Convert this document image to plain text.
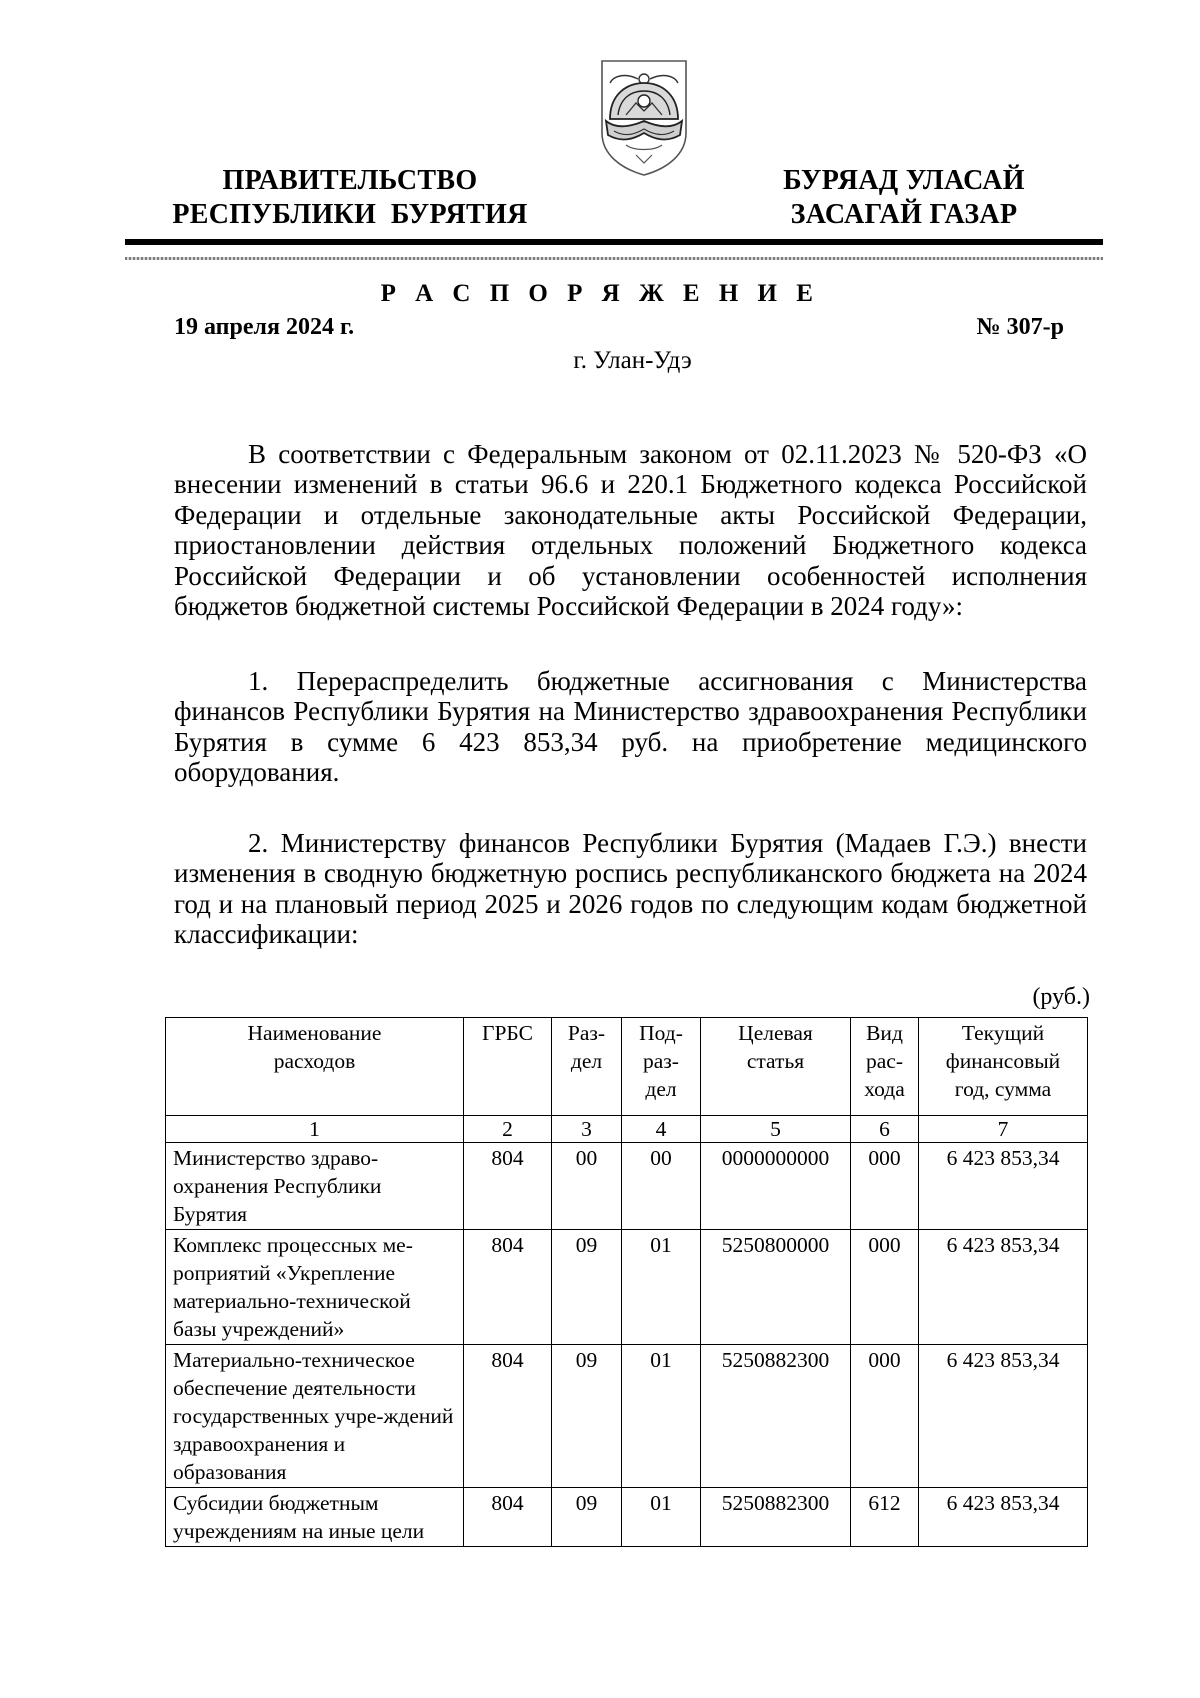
ПРАВИТЕЛЬСТВО
РЕСПУБЛИКИ  БУРЯТИЯ
БУРЯАД УЛАСАЙ
ЗАСАГАЙ ГАЗАР
Р А С П О Р Я Ж Е Н И Е
19 апреля 2024 г.	№ 307-р
г. Улан-Удэ

В соответствии с Федеральным законом от 02.11.2023 № 520-ФЗ «О внесении изменений в статьи 96.6 и 220.1 Бюджетного кодекса Российской Федерации и отдельные законодательные акты Российской Федерации, приостановлении действия отдельных положений Бюджетного кодекса Российской Федерации и об установлении особенностей исполнения бюджетов бюджетной системы Российской Федерации в 2024 году»:

1. Перераспределить бюджетные ассигнования с Министерства финансов Республики Бурятия на Министерство здравоохранения Республики Бурятия в сумме 6 423 853,34 руб. на приобретение медицинского оборудования.

2. Министерству финансов Республики Бурятия (Мадаев Г.Э.) внести изменения в сводную бюджетную роспись республиканского бюджета на 2024 год и на плановый период 2025 и 2026 годов по следующим кодам бюджетной классификации:

(руб.)
Наименование расходов	ГРБС	Раз-дел	Под-раз-дел	Целевая статья	Вид рас-хода	Текущий финансовый год, сумма
1	2	3	4	5	6	7
Министерство здраво-охранения Республики Бурятия	804	00	00	0000000000	000	6 423 853,34
Комплекс процессных ме-роприятий «Укрепление материально-технической базы учреждений»	804	09	01	5250800000	000	6 423 853,34
Материально-техническое обеспечение деятельности государственных учре-ждений здравоохранения и образования	804	09	01	5250882300	000	6 423 853,34
Субсидии бюджетным учреждениям на иные цели	804	09	01	5250882300	612	6 423 853,34
